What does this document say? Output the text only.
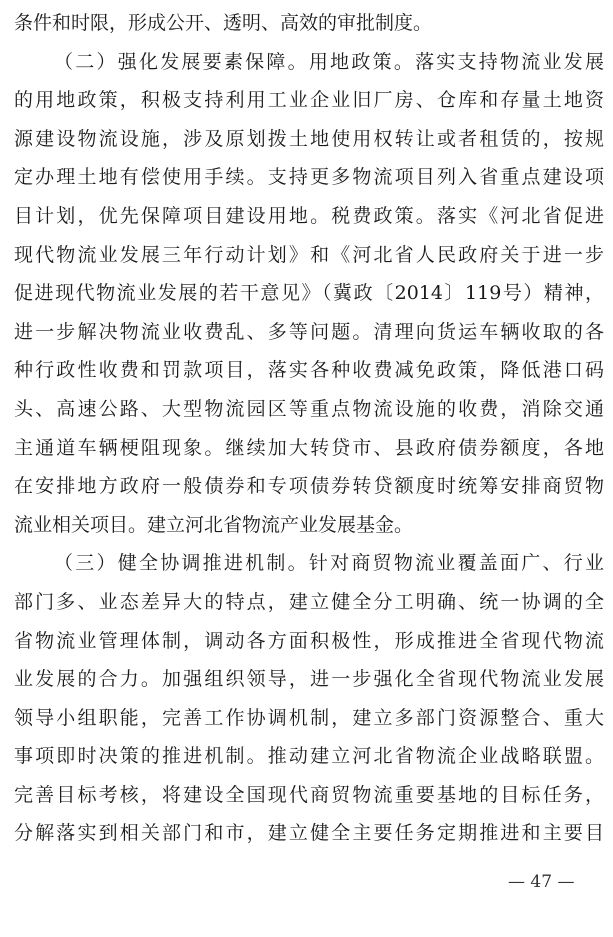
条件和时限，形成公开、透明、高效的审批制度。
（二）强化发展要素保障。用地政策。落实支持物流业发展
的用地政策，积极支持利用工业企业旧厂房、仓库和存量土地资
源建设物流设施，涉及原划拨土地使用权转让或者租赁的，按规
定办理土地有偿使用手续。支持更多物流项目列入省重点建设项
目计划，优先保障项目建设用地。税费政策。落实《河北省促进
现代物流业发展三年行动计划》和《河北省人民政府关于进一步
促进现代物流业发展的若干意见》（冀政〔2014〕119号）精神，
进一步解决物流业收费乱、多等问题。清理向货运车辆收取的各
种行政性收费和罚款项目，落实各种收费减免政策，降低港口码
头、高速公路、大型物流园区等重点物流设施的收费，消除交通
主通道车辆梗阻现象。继续加大转贷市、县政府债券额度，各地
在安排地方政府一般债券和专项债券转贷额度时统筹安排商贸物
流业相关项目。建立河北省物流产业发展基金。
（三）健全协调推进机制。针对商贸物流业覆盖面广、行业
部门多、业态差异大的特点，建立健全分工明确、统一协调的全
省物流业管理体制，调动各方面积极性，形成推进全省现代物流
业发展的合力。加强组织领导，进一步强化全省现代物流业发展
领导小组职能，完善工作协调机制，建立多部门资源整合、重大
事项即时决策的推进机制。推动建立河北省物流企业战略联盟。
完善目标考核，将建设全国现代商贸物流重要基地的目标任务，
分解落实到相关部门和市，建立健全主要任务定期推进和主要目
— 47 —
